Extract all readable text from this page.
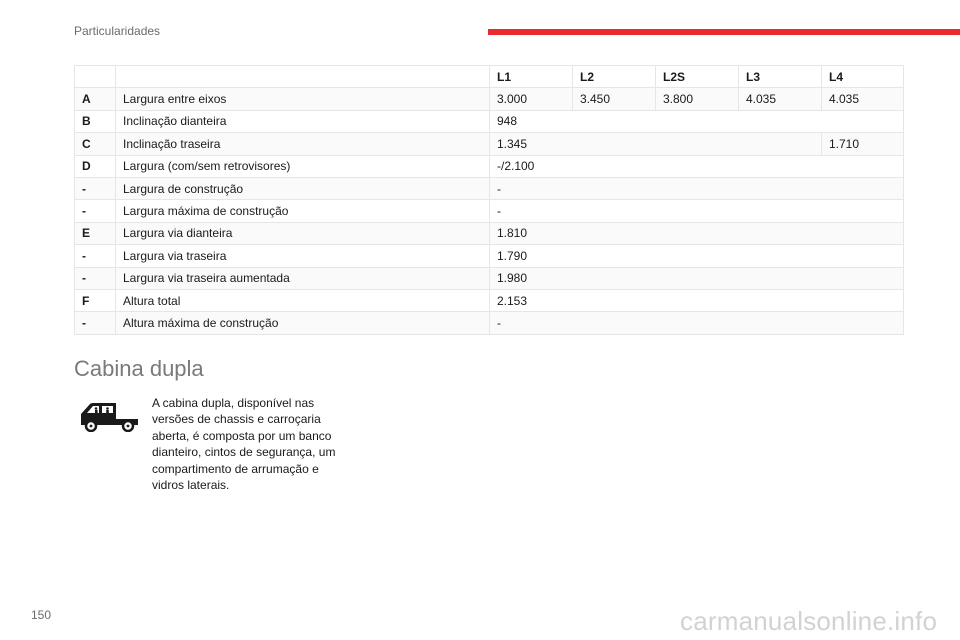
Particularidades
		L1	L2	L2S	L3	L4
A	Largura entre eixos	3.000	3.450	3.800	4.035	4.035
B	Inclinação dianteira	948				
C	Inclinação traseira	1.345				1.710
D	Largura (com/sem retrovisores)	-/2.100				
-	Largura de construção	-				
-	Largura máxima de construção	-				
E	Largura via dianteira	1.810				
-	Largura via traseira	1.790				
-	Largura via traseira aumentada	1.980				
F	Altura total	2.153				
-	Altura máxima de construção	-				
Cabina dupla

A cabina dupla, disponível nas versões de chassis e carroçaria aberta, é composta por um banco dianteiro, cintos de segurança, um compartimento de arrumação e vidros laterais.

150	carmanualsonline.info
